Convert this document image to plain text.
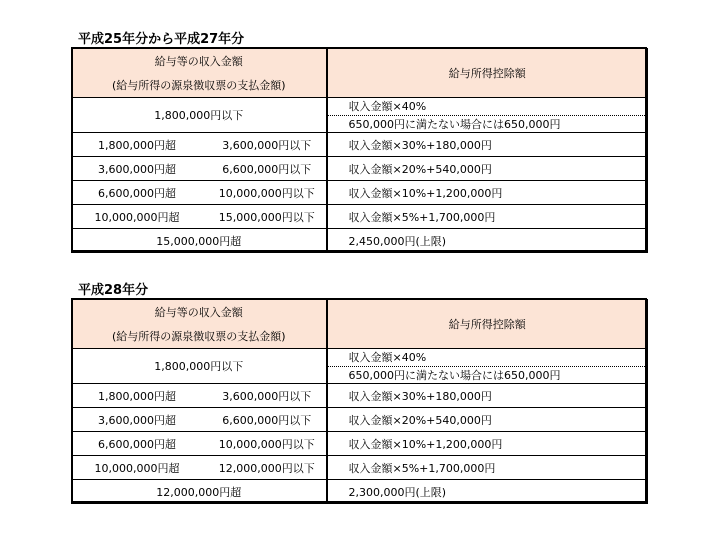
平成25年分から平成27年分
給与等の収入金額
(給与所得の源泉徴収票の支払金額)	給与所得控除額
1,800,000円以下	収入金額×40%
650,000円に満たない場合には650,000円

1,800,000円超 3,600,000円以下	収入金額×30%+180,000円

3,600,000円超 6,600,000円以下	収入金額×20%+540,000円

6,600,000円超 10,000,000円以下	収入金額×10%+1,200,000円

10,000,000円超 15,000,000円以下	収入金額×5%+1,700,000円
15,000,000円超	2,450,000円(上限)
平成28年分
給与等の収入金額
(給与所得の源泉徴収票の支払金額)	給与所得控除額
1,800,000円以下	収入金額×40%
650,000円に満たない場合には650,000円

1,800,000円超 3,600,000円以下	収入金額×30%+180,000円

3,600,000円超 6,600,000円以下	収入金額×20%+540,000円

6,600,000円超 10,000,000円以下	収入金額×10%+1,200,000円

10,000,000円超 12,000,000円以下	収入金額×5%+1,700,000円
12,000,000円超	2,300,000円(上限)
